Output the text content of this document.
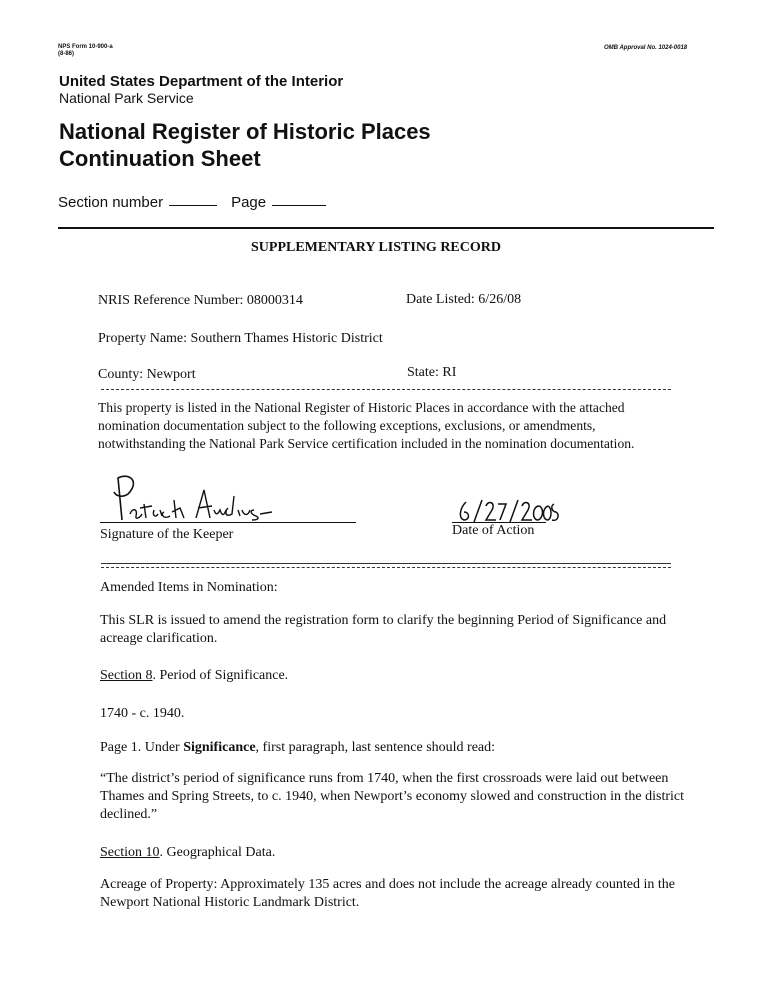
NPS Form 10-900-a
(8-86)
OMB Approval No. 1024-0018
United States Department of the Interior
National Park Service
National Register of Historic Places
Continuation Sheet
Section number	Page
SUPPLEMENTARY LISTING RECORD
NRIS Reference Number: 08000314	Date Listed: 6/26/08
Property Name: Southern Thames Historic District
County: Newport	State: RI
This property is listed in the National Register of Historic Places in accordance with the attached nomination documentation subject to the following exceptions, exclusions, or amendments, notwithstanding the National Park Service certification included in the nomination documentation.
Signature of the Keeper	Date of Action
Amended Items in Nomination:
This SLR is issued to amend the registration form to clarify the beginning Period of Significance and acreage clarification.
Section 8. Period of Significance.
1740 - c. 1940.
Page 1. Under Significance, first paragraph, last sentence should read:
“The district’s period of significance runs from 1740, when the first crossroads were laid out between Thames and Spring Streets, to c. 1940, when Newport’s economy slowed and construction in the district declined.”
Section 10. Geographical Data.
Acreage of Property: Approximately 135 acres and does not include the acreage already counted in the Newport National Historic Landmark District.
